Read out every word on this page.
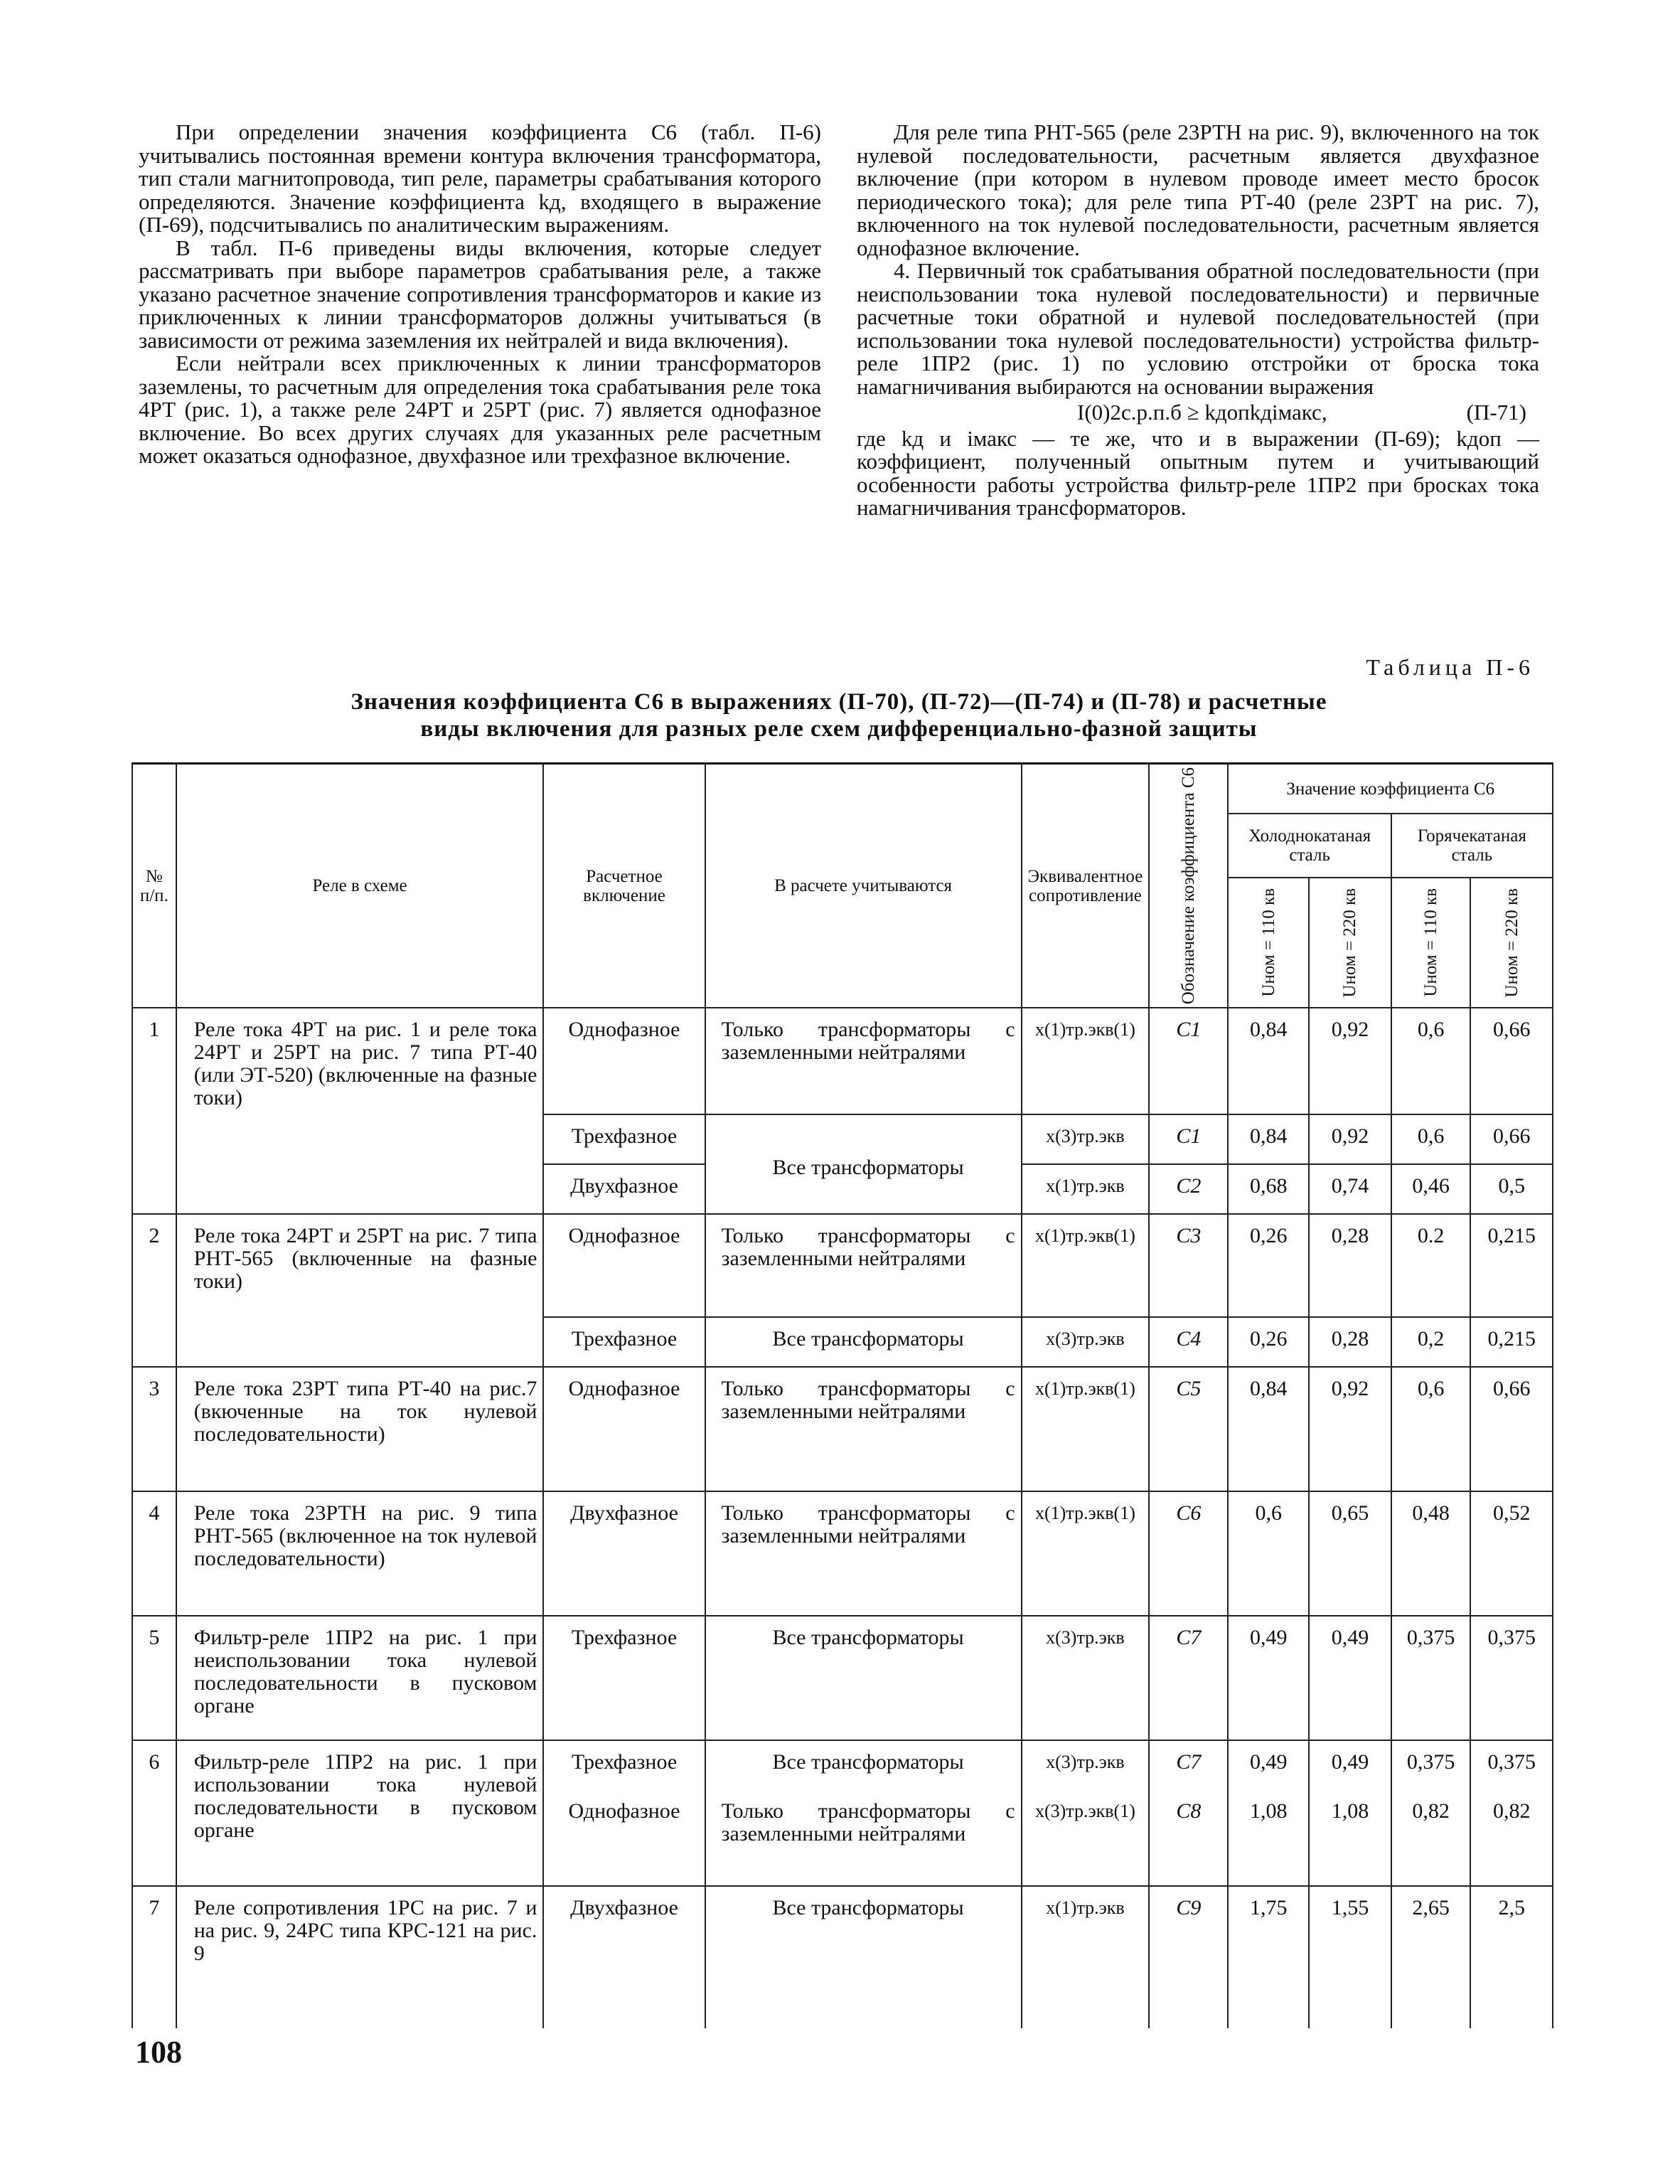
При определении значения коэффициента C6 (табл. П-6) учитывались постоянная времени контура включения трансформатора, тип стали магнитопровода, тип реле, параметры срабатывания которого определяются. Значение коэффициента kд, входящего в выражение (П-69), подсчитывались по аналитическим выражениям.

В табл. П-6 приведены виды включения, которые следует рассматривать при выборе параметров срабатывания реле, а также указано расчетное значение сопротивления трансформаторов и какие из приключенных к линии трансформаторов должны учитываться (в зависимости от режима заземления их нейтралей и вида включения).

Если нейтрали всех приключенных к линии трансформаторов заземлены, то расчетным для определения тока срабатывания реле тока 4РТ (рис. 1), а также реле 24РТ и 25РТ (рис. 7) является однофазное включение. Во всех других случаях для указанных реле расчетным может оказаться однофазное, двухфазное или трехфазное включение.

Для реле типа РНТ-565 (реле 23РТН на рис. 9), включенного на ток нулевой последовательности, расчетным является двухфазное включение (при котором в нулевом проводе имеет место бросок периодического тока); для реле типа РТ-40 (реле 23РТ на рис. 7), включенного на ток нулевой последовательности, расчетным является однофазное включение.

4. Первичный ток срабатывания обратной последовательности (при неиспользовании тока нулевой последовательности) и первичные расчетные токи обратной и нулевой последовательностей (при использовании тока нулевой последовательности) устройства фильтр-реле 1ПР2 (рис. 1) по условию отстройки от броска тока намагничивания выбираются на основании выражения

I(0)2с.р.п.б ≥ kдопkдiмакс,	(П-71)

где kд и iмакс — те же, что и в выражении (П-69); kдоп — коэффициент, полученный опытным путем и учитывающий особенности работы устройства фильтр-реле 1ПР2 при бросках тока намагничивания трансформаторов.

Таблица П-6
Значения коэффициента C6 в выражениях (П-70), (П-72)—(П-74) и (П-78) и расчетные
виды включения для разных реле схем дифференциально-фазной защиты
№ п/п.	Реле в схеме	Расчетное включение	В расчете учитываются	Эквивалентное сопротивление	Обозначение коэффициента C6	Значение коэффициента C6			
						Холоднокатаная сталь		Горячекатаная сталь	

						Uном = 110 кв	Uном = 220 кв	Uном = 110 кв	Uном = 220 кв

1	Реле тока 4РТ на рис. 1 и реле тока 24РТ и 25РТ на рис. 7 типа РТ-40 (или ЭТ-520) (включенные на фазные токи)	Однофазное	Только трансформаторы с заземленными нейтралями	x(1)тр.экв(1)	C1	0,84	0,92	0,6	0,66
		Трехфазное	Все трансформаторы	x(3)тр.экв	C1	0,84	0,92	0,6	0,66
		Двухфазное		x(1)тр.экв	C2	0,68	0,74	0,46	0,5
2	Реле тока 24РТ и 25РТ на рис. 7 типа РНТ-565 (включенные на фазные токи)	Однофазное	Только трансформаторы с заземленными нейтралями	x(1)тр.экв(1)	C3	0,26	0,28	0.2	0,215
		Трехфазное	Все трансформаторы	x(3)тр.экв	C4	0,26	0,28	0,2	0,215
3	Реле тока 23РТ типа РТ-40 на рис.7 (вкюченные на ток нулевой последовательности)	Однофазное	Только трансформаторы с заземленными нейтралями	x(1)тр.экв(1)	C5	0,84	0,92	0,6	0,66
4	Реле тока 23РТН на рис. 9 типа РНТ-565 (включенное на ток нулевой последовательности)	Двухфазное	Только трансформаторы с заземленными нейтралями	x(1)тр.экв(1)	C6	0,6	0,65	0,48	0,52
5	Фильтр-реле 1ПР2 на рис. 1 при неиспользовании тока нулевой последовательности в пусковом органе	Трехфазное	Все трансформаторы	x(3)тр.экв	C7	0,49	0,49	0,375	0,375
6	Фильтр-реле 1ПР2 на рис. 1 при использовании тока нулевой последовательности в пусковом органе	Трехфазное	Все трансформаторы	x(3)тр.экв	C7	0,49	0,49	0,375	0,375
		Однофазное	Только трансформаторы с заземленными нейтралями	x(3)тр.экв(1)	C8	1,08	1,08	0,82	0,82
7	Реле сопротивления 1РС на рис. 7 и на рис. 9, 24РС типа КРС-121 на рис. 9	Двухфазное	Все трансформаторы	x(1)тр.экв	C9	1,75	1,55	2,65	2,5
108
